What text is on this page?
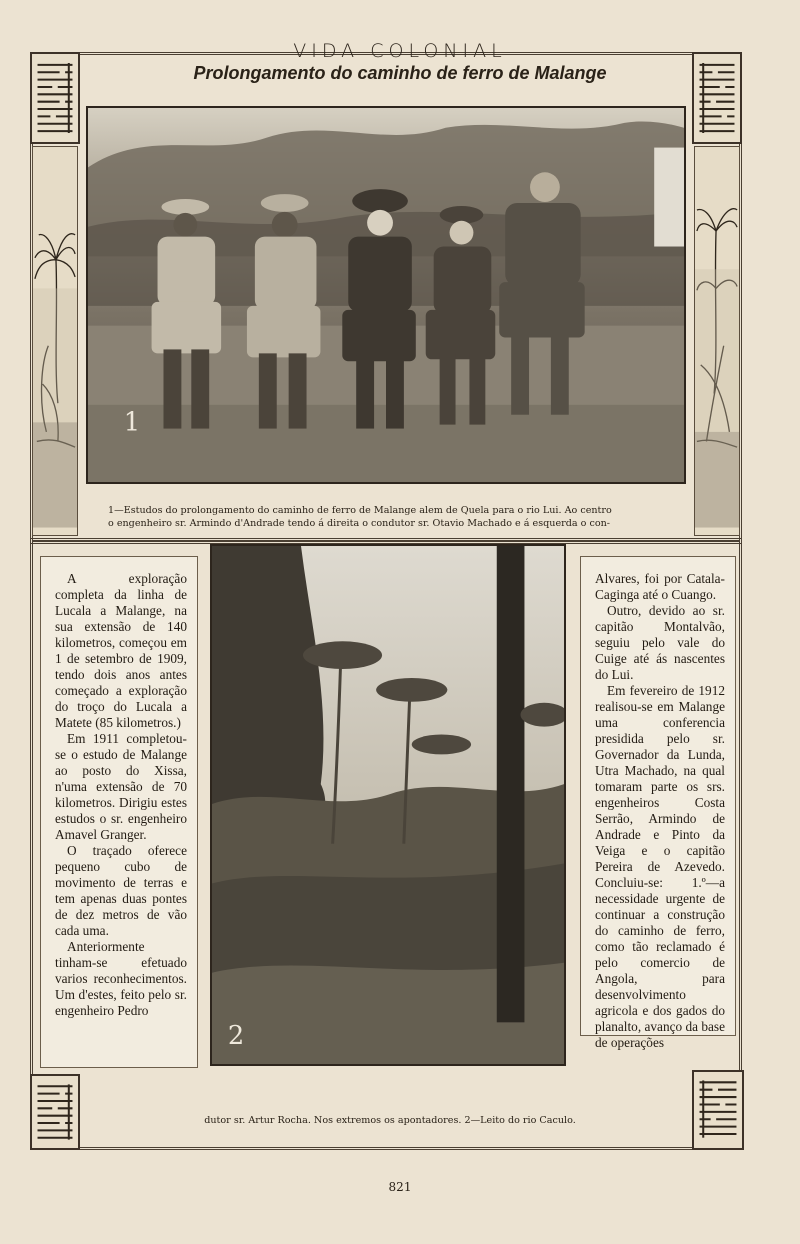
VIDA COLONIAL
Prolongamento do caminho de ferro de Malange
1
1—Estudos do prolongamento do caminho de ferro de Malange alem de Quela para o rio Lui. Ao centro
o engenheiro sr. Armindo d'Andrade tendo á direita o condutor sr. Otavio Machado e á esquerda o con-

A exploração completa da linha de Lucala a Malange, na sua extensão de 140 kilometros, começou em 1 de setembro de 1909, tendo dois anos antes começado a exploração do troço do Lucala a Matete (85 kilometros.)

Em 1911 completou-se o estudo de Malange ao posto do Xissa, n'uma extensão de 70 kilometros. Dirigiu estes estudos o sr. engenheiro Amavel Granger.

O traçado oferece pequeno cubo de movimento de terras e tem apenas duas pontes de dez metros de vão cada uma.

Anteriormente tinham-se efetuado varios reconhecimentos. Um d'estes, feito pelo sr. engenheiro Pedro

2

Alvares, foi por Catala-Caginga até o Cuango.

Outro, devido ao sr. capitão Montalvão, seguiu pelo vale do Cuige até ás nascentes do Lui.

Em fevereiro de 1912 realisou-se em Malange uma conferencia presidida pelo sr. Governador da Lunda, Utra Machado, na qual tomaram parte os srs. engenheiros Costa Serrão, Armindo de Andrade e Pinto da Veiga e o capitão Pereira de Azevedo. Concluiu-se: 1.º—a necessidade urgente de continuar a construção do caminho de ferro, como tão reclamado é pelo comercio de Angola, para desenvolvimento agricola e dos gados do planalto, avanço da base de operações

dutor sr. Artur Rocha. Nos extremos os apontadores. 2—Leito do rio Caculo.
821
